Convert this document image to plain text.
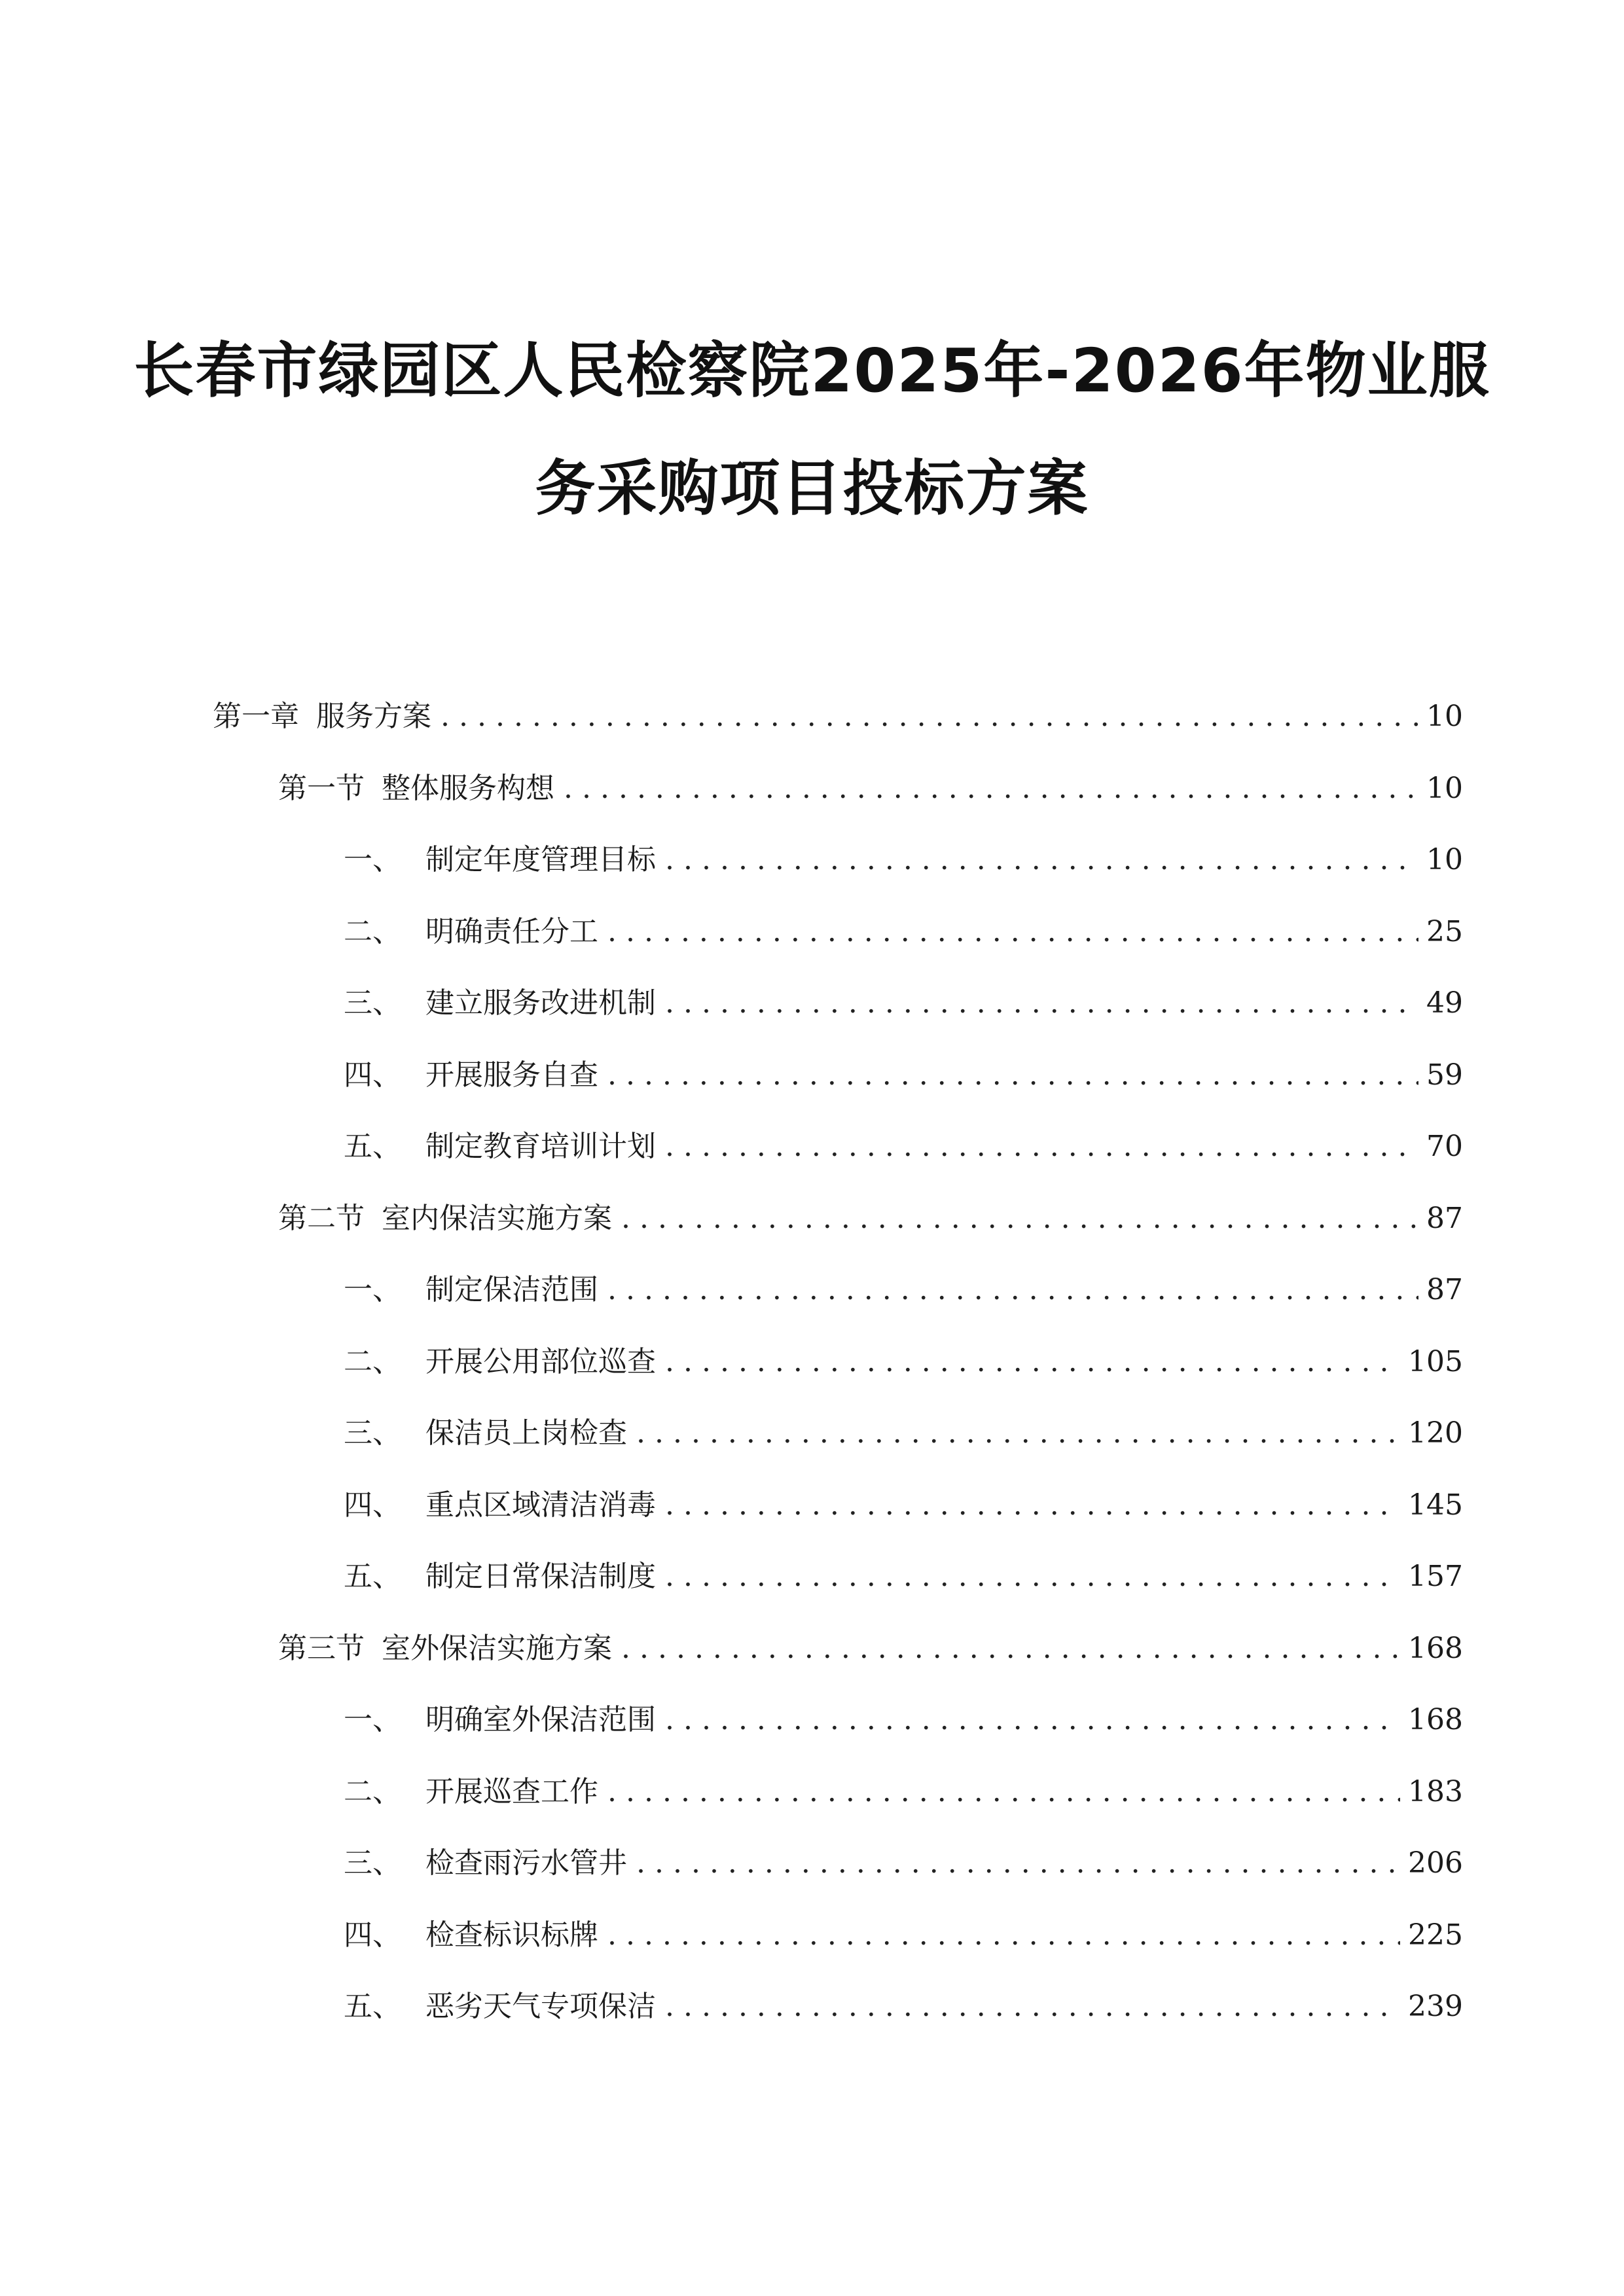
长春市绿园区人民检察院2025年-2026年物业服
务采购项目投标方案
第一章 服务方案 .....	10
第一节 整体服务构想 .....	10
一、 制定年度管理目标 .....	10
二、 明确责任分工 .....	25
三、 建立服务改进机制 .....	49
四、 开展服务自查 .....	59
五、 制定教育培训计划 .....	70
第二节 室内保洁实施方案 .....	87
一、 制定保洁范围 .....	87
二、 开展公用部位巡查 .....	105
三、 保洁员上岗检查 .....	120
四、 重点区域清洁消毒 .....	145
五、 制定日常保洁制度 .....	157
第三节 室外保洁实施方案 .....	168
一、 明确室外保洁范围 .....	168
二、 开展巡查工作 .....	183
三、 检查雨污水管井 .....	206
四、 检查标识标牌 .....	225
五、 恶劣天气专项保洁 .....	239
